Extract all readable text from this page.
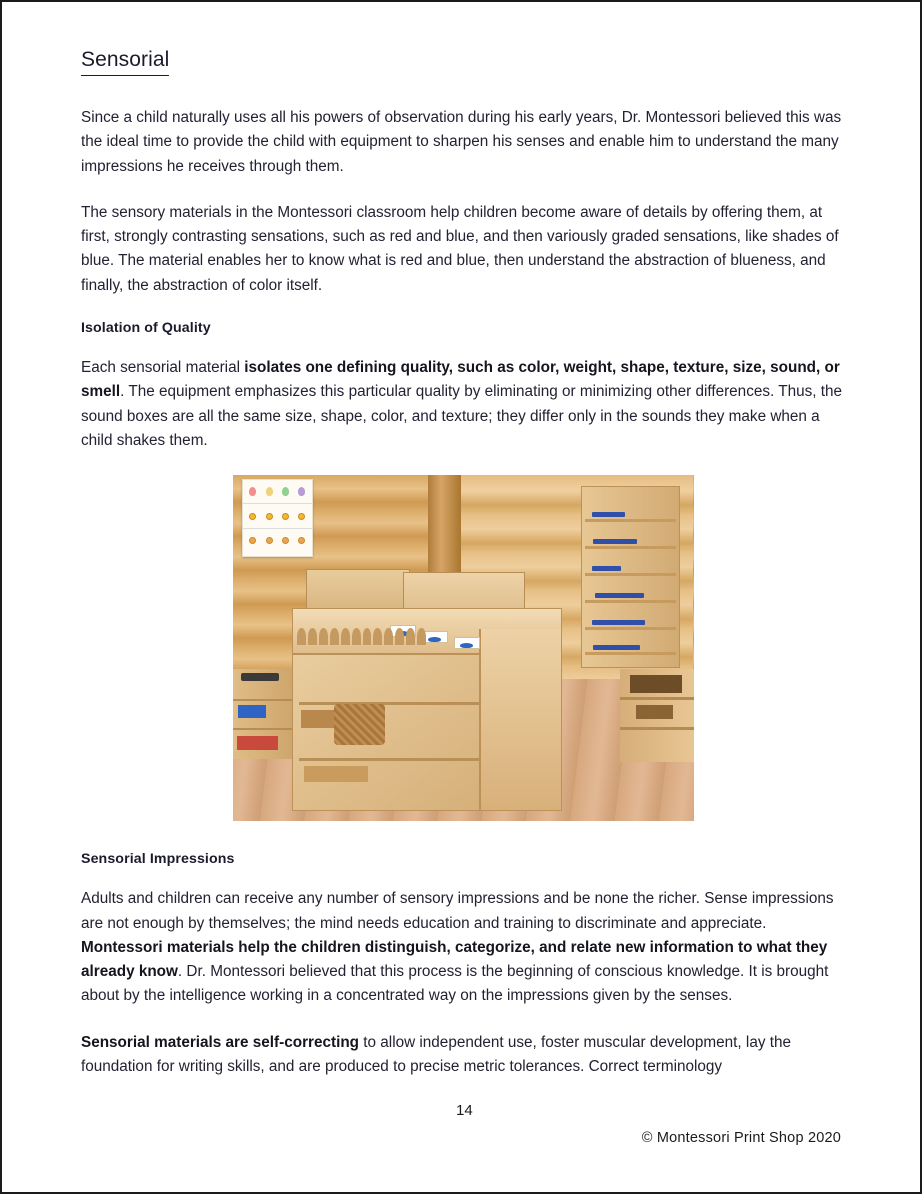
Sensorial

Since a child naturally uses all his powers of observation during his early years, Dr. Montessori believed this was the ideal time to provide the child with equipment to sharpen his senses and enable him to understand the many impressions he receives through them.

The sensory materials in the Montessori classroom help children become aware of details by offering them, at first, strongly contrasting sensations, such as red and blue, and then variously graded sensations, like shades of blue. The material enables her to know what is red and blue, then understand the abstraction of blueness, and finally, the abstraction of color itself.

Isolation of Quality

Each sensorial material isolates one defining quality, such as color, weight, shape, texture, size, sound, or smell. The equipment emphasizes this particular quality by eliminating or minimizing other differences. Thus, the sound boxes are all the same size, shape, color, and texture; they differ only in the sounds they make when a child shakes them.

Sensorial Impressions

Adults and children can receive any number of sensory impressions and be none the richer. Sense impressions are not enough by themselves; the mind needs education and training to discriminate and appreciate. Montessori materials help the children distinguish, categorize, and relate new information to what they already know. Dr. Montessori believed that this process is the beginning of conscious knowledge. It is brought about by the intelligence working in a concentrated way on the impressions given by the senses.

Sensorial materials are self-correcting to allow independent use, foster muscular development, lay the foundation for writing skills, and are produced to precise metric tolerances. Correct terminology

14
© Montessori Print Shop 2020
